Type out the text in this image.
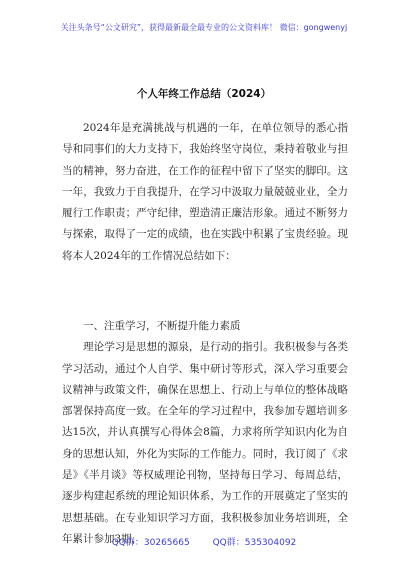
关注头条号“公文研究”，获得最新最全最专业的公文资料库！ 微信：gongwenyj
个人年终工作总结（2024）
2024年是充满挑战与机遇的一年，在单位领导的悉心指导和同事们的大力支持下，我始终坚守岗位，秉持着敬业与担当的精神，努力奋进，在工作的征程中留下了坚实的脚印。这一年，我致力于自我提升，在学习中汲取力量兢兢业业，全力履行工作职责；严守纪律，塑造清正廉洁形象。通过不断努力与探索，取得了一定的成绩，也在实践中积累了宝贵经验。现将本人2024年的工作情况总结如下：
一、注重学习，不断提升能力素质
理论学习是思想的源泉，是行动的指引。我积极参与各类学习活动，通过个人自学、集中研讨等形式，深入学习重要会议精神与政策文件，确保在思想上、行动上与单位的整体战略部署保持高度一致。在全年的学习过程中，我参加专题培训多达15次，并认真撰写心得体会8篇，力求将所学知识内化为自身的思想认知，外化为实际的工作能力。同时，我订阅了《求是》《半月谈》等权威理论刊物，坚持每日学习、每周总结，逐步构建起系统的理论知识体系，为工作的开展奠定了坚实的思想基础。在专业知识学习方面，我积极参加业务培训班，全年累计参加3期，
QQ群：30265665	QQ群：535304092
